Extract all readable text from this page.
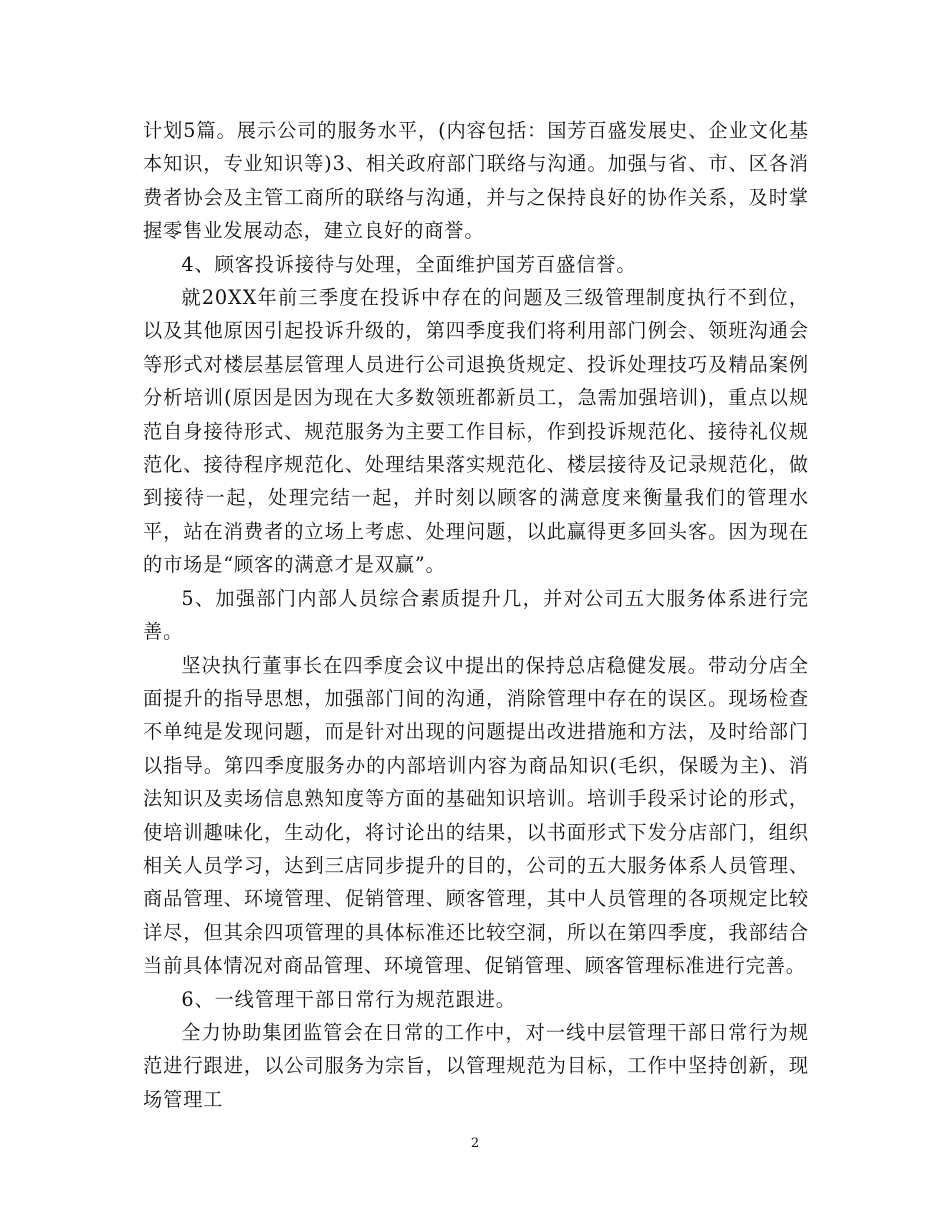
计划5篇。展示公司的服务水平，(内容包括：国芳百盛发展史、企业文化基本知识，专业知识等)3、相关政府部门联络与沟通。加强与省、市、区各消费者协会及主管工商所的联络与沟通，并与之保持良好的协作关系，及时掌握零售业发展动态，建立良好的商誉。

4、顾客投诉接待与处理，全面维护国芳百盛信誉。

就20XX年前三季度在投诉中存在的问题及三级管理制度执行不到位，以及其他原因引起投诉升级的，第四季度我们将利用部门例会、领班沟通会等形式对楼层基层管理人员进行公司退换货规定、投诉处理技巧及精品案例分析培训(原因是因为现在大多数领班都新员工，急需加强培训)，重点以规范自身接待形式、规范服务为主要工作目标，作到投诉规范化、接待礼仪规范化、接待程序规范化、处理结果落实规范化、楼层接待及记录规范化，做到接待一起，处理完结一起，并时刻以顾客的满意度来衡量我们的管理水平，站在消费者的立场上考虑、处理问题，以此赢得更多回头客。因为现在的市场是“顾客的满意才是双赢”。

5、加强部门内部人员综合素质提升几，并对公司五大服务体系进行完善。

坚决执行董事长在四季度会议中提出的保持总店稳健发展。带动分店全面提升的指导思想，加强部门间的沟通，消除管理中存在的误区。现场检查不单纯是发现问题，而是针对出现的问题提出改进措施和方法，及时给部门以指导。第四季度服务办的内部培训内容为商品知识(毛织，保暖为主)、消法知识及卖场信息熟知度等方面的基础知识培训。培训手段采讨论的形式，使培训趣味化，生动化，将讨论出的结果，以书面形式下发分店部门，组织相关人员学习，达到三店同步提升的目的，公司的五大服务体系人员管理、商品管理、环境管理、促销管理、顾客管理，其中人员管理的各项规定比较详尽，但其余四项管理的具体标准还比较空洞，所以在第四季度，我部结合当前具体情况对商品管理、环境管理、促销管理、顾客管理标准进行完善。

6、一线管理干部日常行为规范跟进。

全力协助集团监管会在日常的工作中，对一线中层管理干部日常行为规范进行跟进，以公司服务为宗旨，以管理规范为目标，工作中坚持创新，现场管理工

2
